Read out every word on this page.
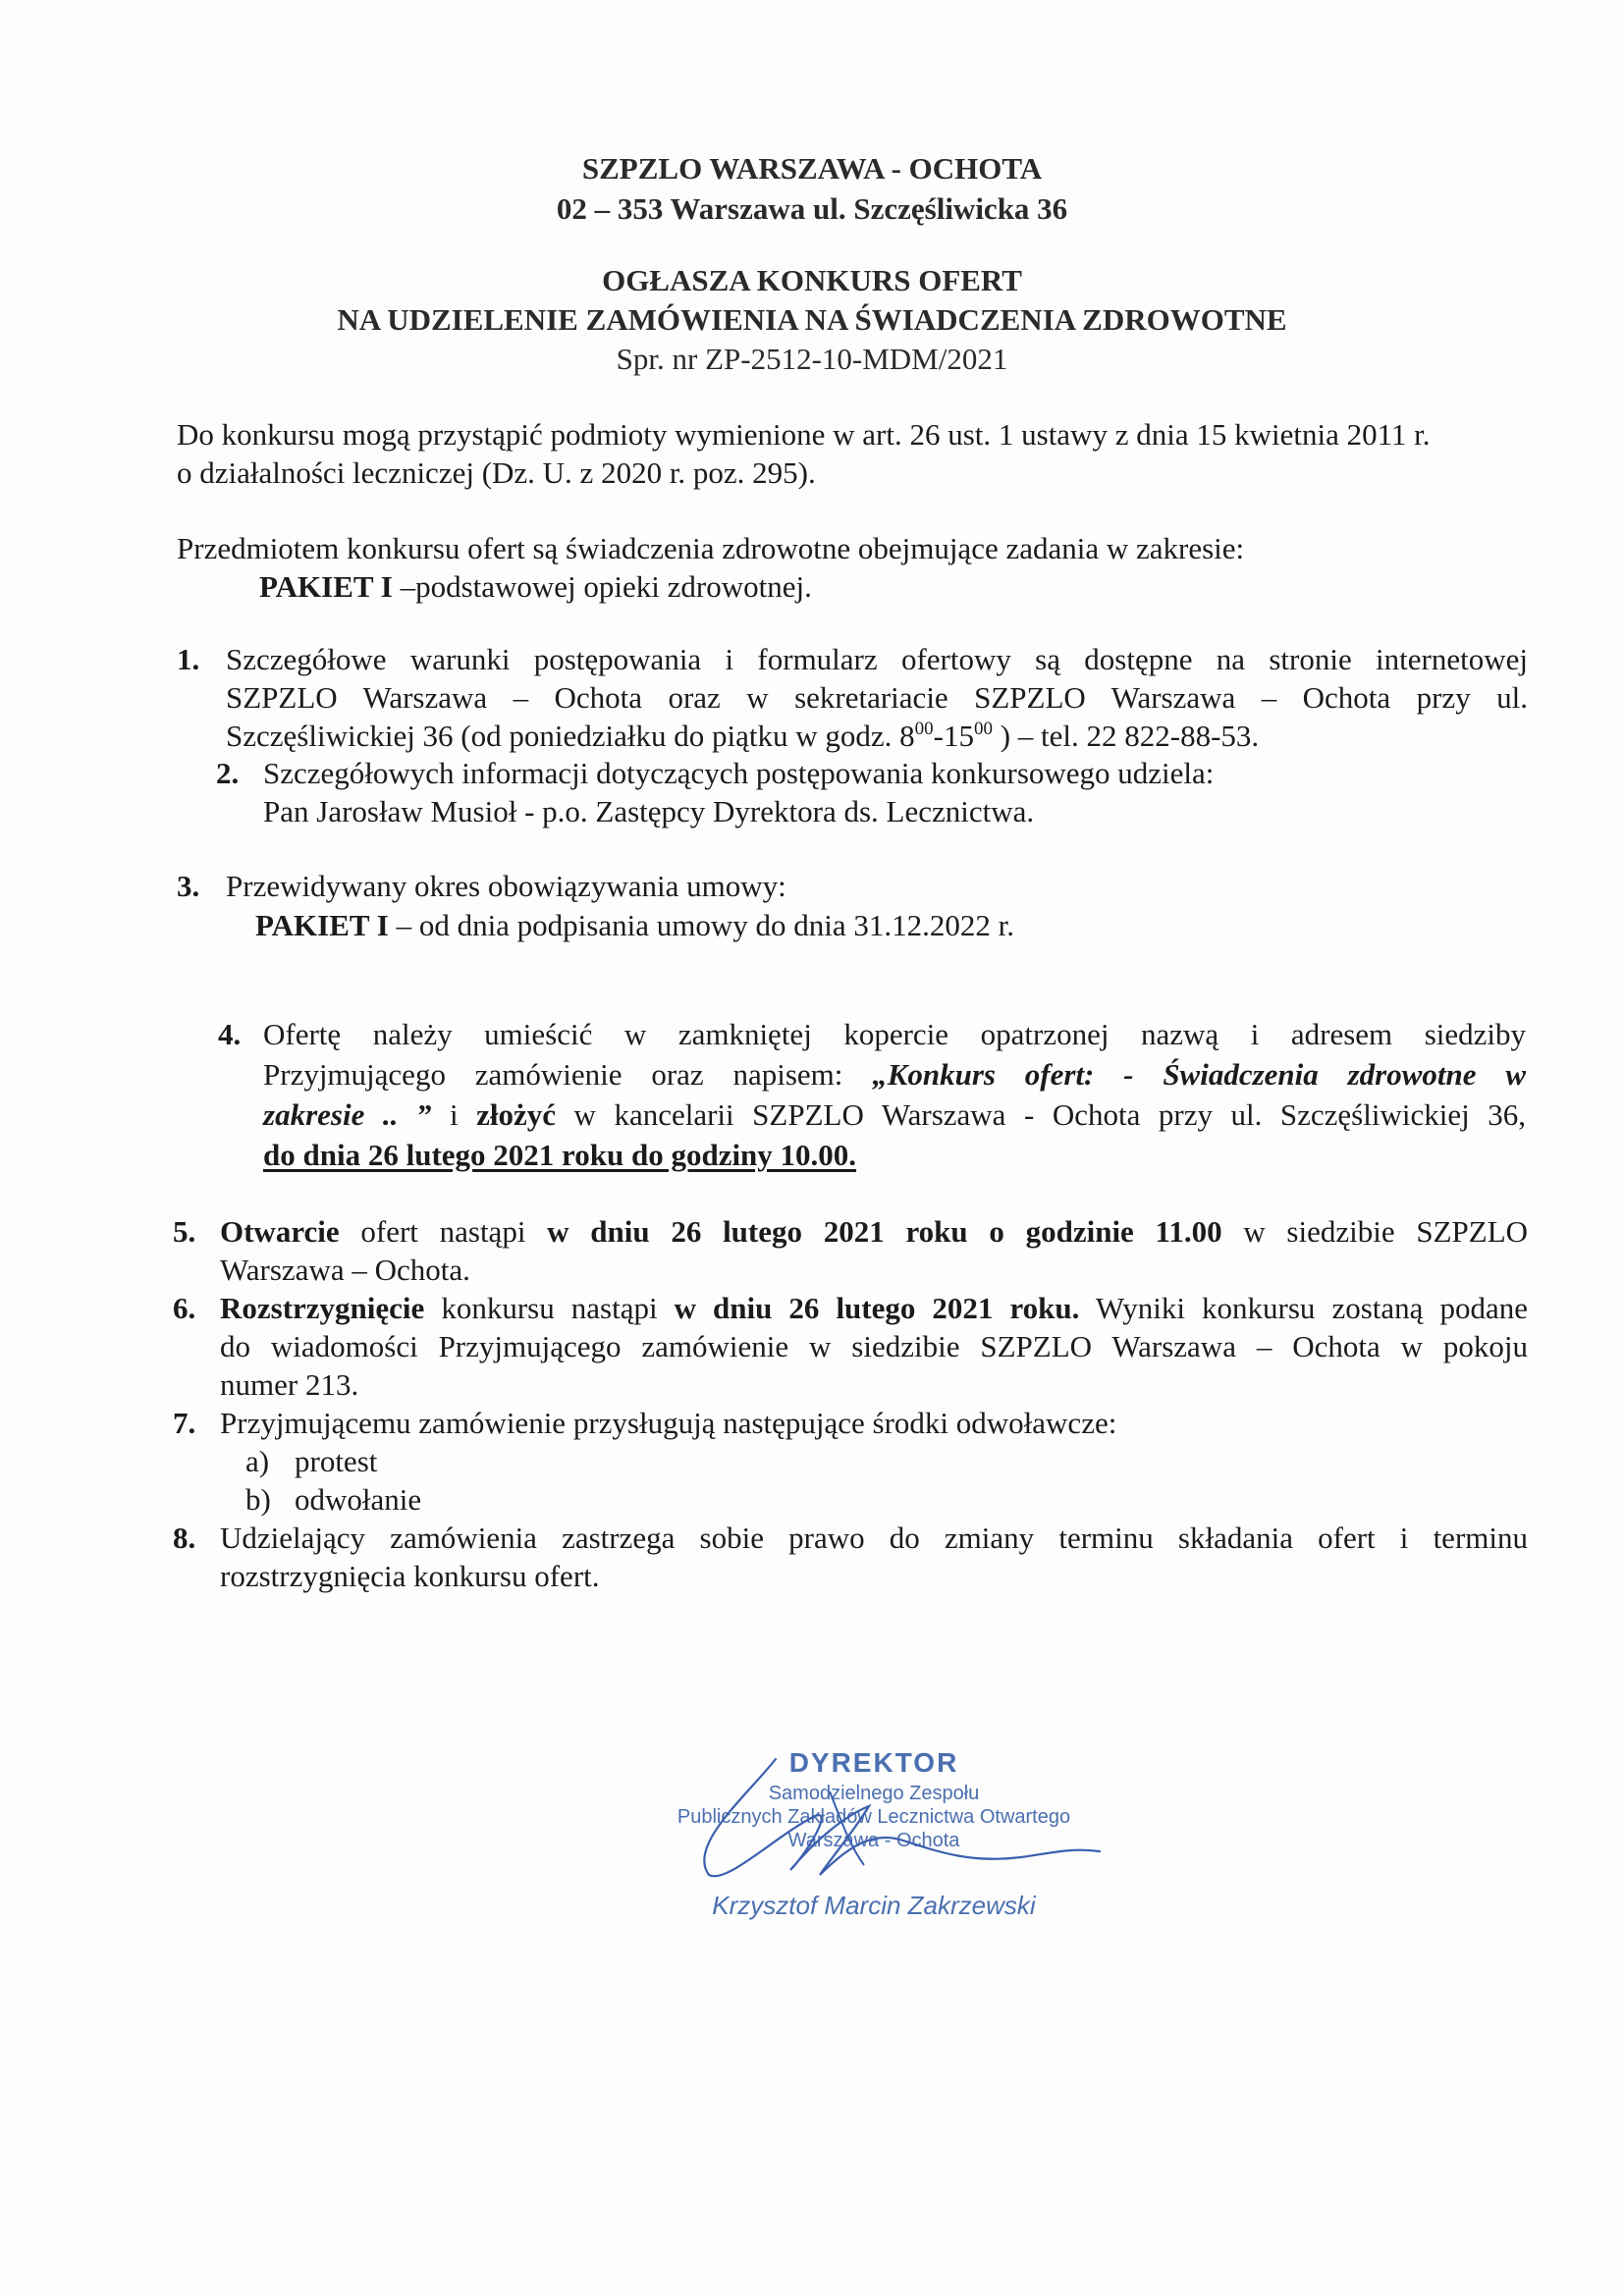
SZPZLO WARSZAWA - OCHOTA
02 – 353 Warszawa ul. Szczęśliwicka 36
OGŁASZA KONKURS OFERT
NA UDZIELENIE ZAMÓWIENIA NA ŚWIADCZENIA ZDROWOTNE
Spr. nr ZP-2512-10-MDM/2021
Do konkursu mogą przystąpić podmioty wymienione w art. 26 ust. 1 ustawy z dnia 15 kwietnia 2011 r.
o działalności leczniczej (Dz. U. z 2020 r. poz. 295).
Przedmiotem konkursu ofert są świadczenia zdrowotne obejmujące zadania w zakresie:
PAKIET I –podstawowej opieki zdrowotnej.
1. Szczegółowe warunki postępowania i formularz ofertowy są dostępne na stronie internetowej
SZPZLO Warszawa – Ochota oraz w sekretariacie SZPZLO Warszawa – Ochota przy ul.
Szczęśliwickiej 36 (od poniedziałku do piątku w godz. $8^{00}-15^{00}$ ) – tel. 22 822-88-53.
2. Szczegółowych informacji dotyczących postępowania konkursowego udziela:
Pan Jarosław Musioł - p.o. Zastępcy Dyrektora ds. Lecznictwa.
3. Przewidywany okres obowiązywania umowy:
PAKIET I – od dnia podpisania umowy do dnia 31.12.2022 r.
4. Ofertę należy umieścić w zamkniętej kopercie opatrzonej nazwą i adresem siedziby
Przyjmującego zamówienie oraz napisem: „Konkurs ofert: - Świadczenia zdrowotne w
zakresie .. ” i złożyć w kancelarii SZPZLO Warszawa - Ochota przy ul. Szczęśliwickiej 36,
do dnia 26 lutego 2021 roku do godziny 10.00.
5. Otwarcie ofert nastąpi w dniu 26 lutego 2021 roku o godzinie 11.00 w siedzibie SZPZLO
Warszawa – Ochota.
6. Rozstrzygnięcie konkursu nastąpi w dniu 26 lutego 2021 roku. Wyniki konkursu zostaną podane
do wiadomości Przyjmującego zamówienie w siedzibie SZPZLO Warszawa – Ochota w pokoju
numer 213.
7. Przyjmującemu zamówienie przysługują następujące środki odwoławcze:
a) protest
b) odwołanie
8. Udzielający zamówienia zastrzega sobie prawo do zmiany terminu składania ofert i terminu
rozstrzygnięcia konkursu ofert.
DYREKTOR
Samodzielnego Zespołu
Publicznych Zakładów Lecznictwa Otwartego
Warszawa - Ochota
Krzysztof Marcin Zakrzewski
